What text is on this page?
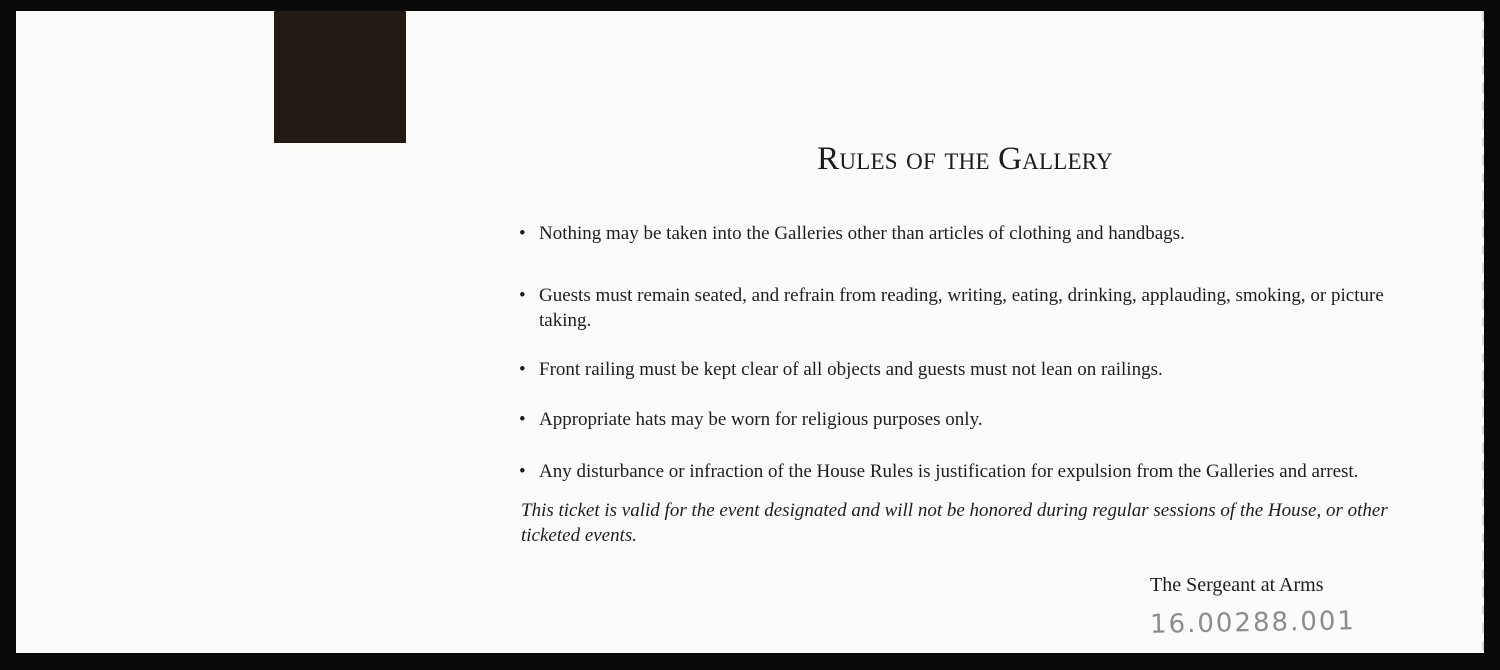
Rules of the Gallery
• Nothing may be taken into the Galleries other than articles of clothing and handbags.
• Guests must remain seated, and refrain from reading, writing, eating, drinking, applauding, smoking, or picture taking.
• Front railing must be kept clear of all objects and guests must not lean on railings.
• Appropriate hats may be worn for religious purposes only.
• Any disturbance or infraction of the House Rules is justification for expulsion from the Galleries and arrest.
This ticket is valid for the event designated and will not be honored during regular sessions of the House, or other ticketed events.
The Sergeant at Arms
16.00288.001
